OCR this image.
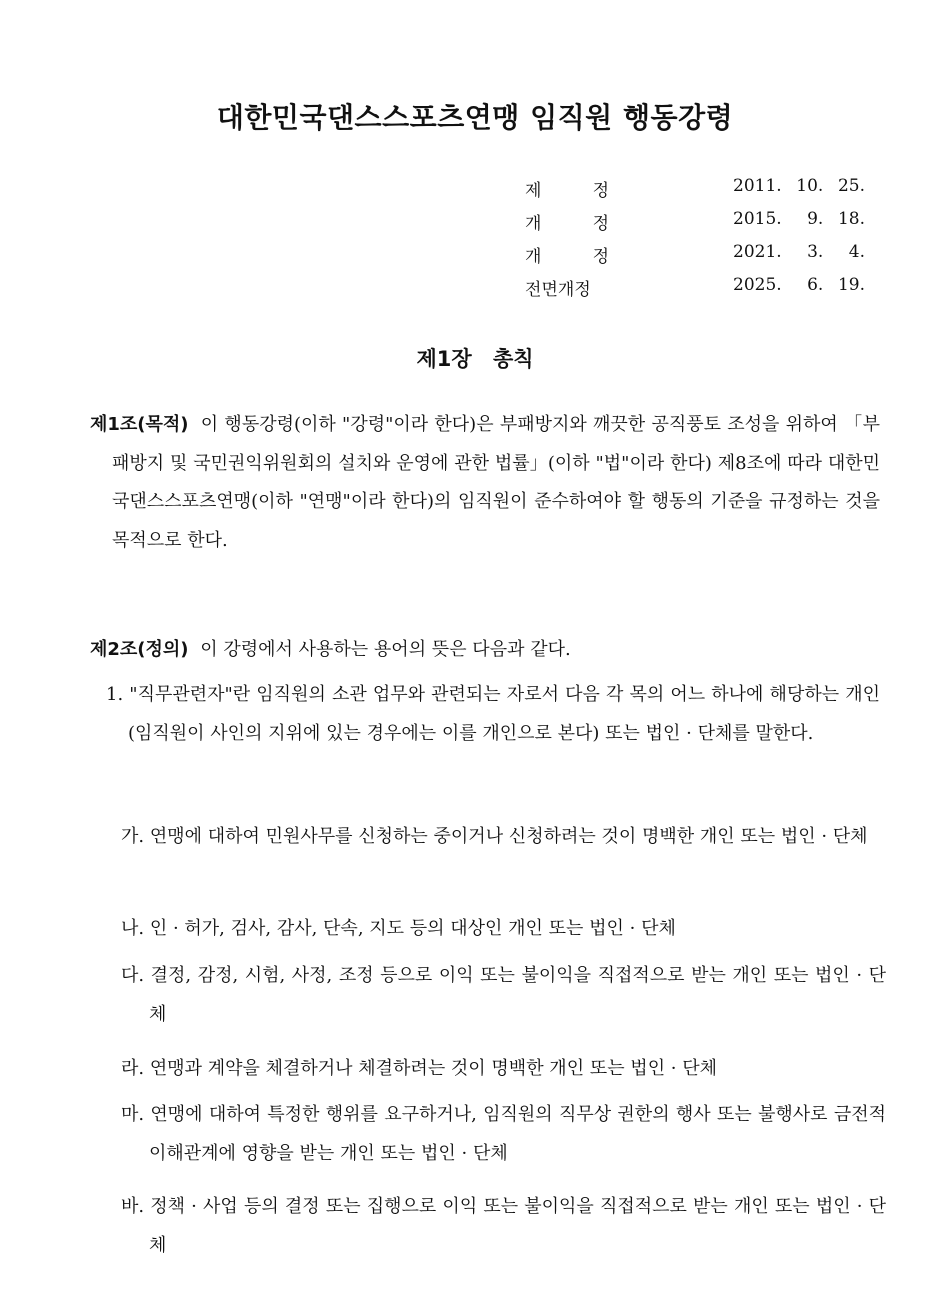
대한민국댄스스포츠연맹 임직원 행동강령
제	정	2011. 10. 25.
개	정	2015.	9. 18.
개	정	2021.	3.	4.
전 면 개 정	2025.	6. 19.
제1장 총칙

제1조(목적) 이 행동강령(이하 "강령"이라 한다)은 부패방지와 깨끗한 공직풍토 조성을 위하여 「부패방지 및 국민권익위원회의 설치와 운영에 관한 법률」(이하 "법"이라 한다) 제8조에 따라 대한민국댄스스포츠연맹(이하 "연맹"이라 한다)의 임직원이 준수하여야 할 행동의 기준을 규정하는 것을 목적으로 한다.

제2조(정의) 이 강령에서 사용하는 용어의 뜻은 다음과 같다.

1. "직무관련자"란 임직원의 소관 업무와 관련되는 자로서 다음 각 목의 어느 하나에 해당하는 개인(임직원이 사인의 지위에 있는 경우에는 이를 개인으로 본다) 또는 법인 · 단체를 말한다.

가. 연맹에 대하여 민원사무를 신청하는 중이거나 신청하려는 것이 명백한 개인 또는 법인 · 단체

나. 인 · 허가, 검사, 감사, 단속, 지도 등의 대상인 개인 또는 법인 · 단체

다. 결정, 감정, 시험, 사정, 조정 등으로 이익 또는 불이익을 직접적으로 받는 개인 또는 법인 · 단체

라. 연맹과 계약을 체결하거나 체결하려는 것이 명백한 개인 또는 법인 · 단체

마. 연맹에 대하여 특정한 행위를 요구하거나, 임직원의 직무상 권한의 행사 또는 불행사로 금전적 이해관계에 영향을 받는 개인 또는 법인 · 단체

바. 정책 · 사업 등의 결정 또는 집행으로 이익 또는 불이익을 직접적으로 받는 개인 또는 법인 · 단체
